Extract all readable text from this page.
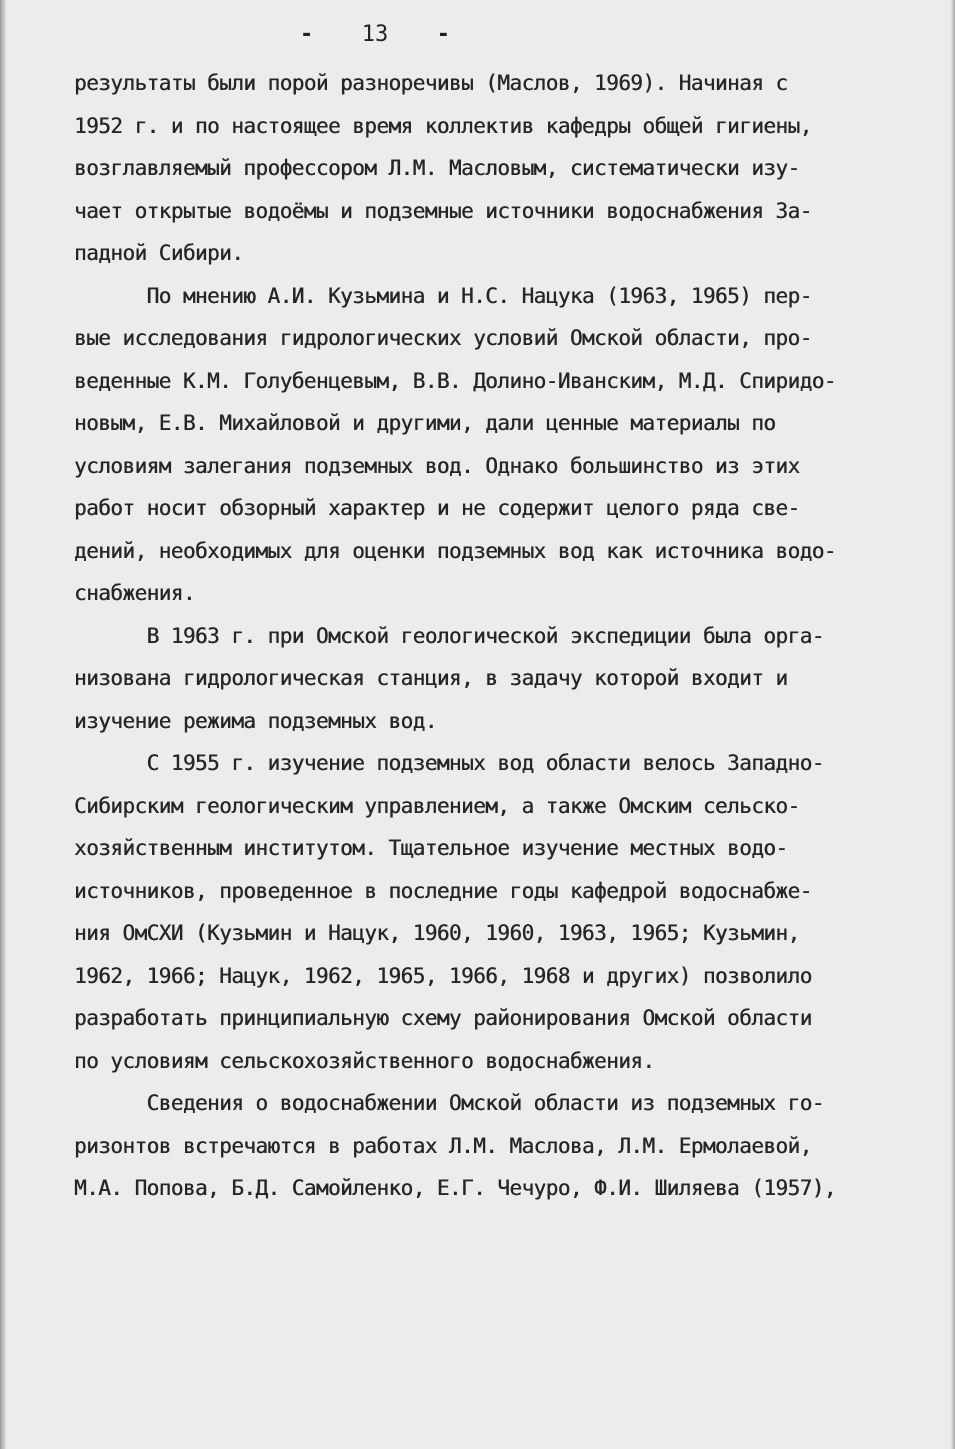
- 13 -
результаты были порой разноречивы (Маслов, 1969). Начиная с
1952 г. и по настоящее время коллектив кафедры общей гигиены,
возглавляемый профессором Л.М. Масловым, систематически изу-
чает открытые водоёмы и подземные источники водоснабжения За-
падной Сибири.
По мнению А.И. Кузьмина и Н.С. Нацука (1963, 1965) пер-
вые исследования гидрологических условий Омской области, про-
веденные К.М. Голубенцевым, В.В. Долино-Иванским, М.Д. Спиридо-
новым, Е.В. Михайловой и другими, дали ценные материалы по
условиям залегания подземных вод. Однако большинство из этих
работ носит обзорный характер и не содержит целого ряда све-
дений, необходимых для оценки подземных вод как источника водо-
снабжения.
В 1963 г. при Омской геологической экспедиции была орга-
низована гидрологическая станция, в задачу которой входит и
изучение режима подземных вод.
С 1955 г. изучение подземных вод области велось Западно-
Сибирским геологическим управлением, а также Омским сельско-
хозяйственным институтом. Тщательное изучение местных водо-
источников, проведенное в последние годы кафедрой водоснабже-
ния ОмСХИ (Кузьмин и Нацук, 1960, 1960, 1963, 1965; Кузьмин,
1962, 1966; Нацук, 1962, 1965, 1966, 1968 и других) позволило
разработать принципиальную схему районирования Омской области
по условиям сельскохозяйственного водоснабжения.
Сведения о водоснабжении Омской области из подземных го-
ризонтов встречаются в работах Л.М. Маслова, Л.М. Ермолаевой,
М.А. Попова, Б.Д. Самойленко, Е.Г. Чечуро, Ф.И. Шиляева (1957),
